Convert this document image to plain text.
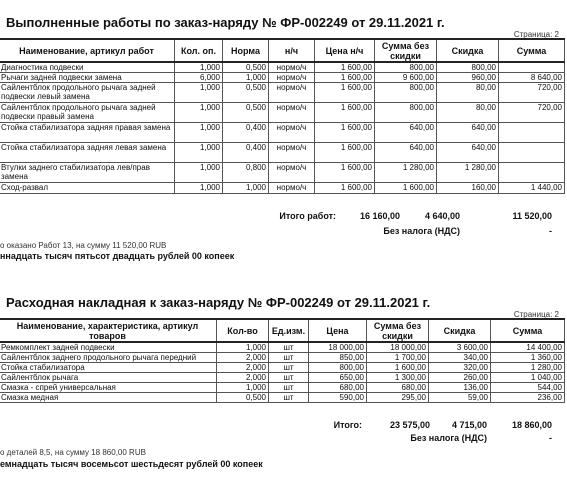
Выполненные работы по заказ-наряду № ФР-002249 от 29.11.2021 г.
Страница: 2
Наименование, артикул работ	Кол. оп.	Норма	н/ч	Цена н/ч	Сумма без скидки	Скидка	Сумма
Диагностика подвески	1,000	0,500	нормо/ч	1 600,00	800,00	800,00	
Рычаги задней подвески замена	6,000	1,000	нормо/ч	1 600,00	9 600,00	960,00	8 640,00
Сайлентблок продольного рычага задней подвески левый замена	1,000	0,500	нормо/ч	1 600,00	800,00	80,00	720,00
Сайлентблок продольного рычага задней подвески правый замена	1,000	0,500	нормо/ч	1 600,00	800,00	80,00	720,00
Стойка стабилизатора задняя правая замена	1,000	0,400	нормо/ч	1 600,00	640,00	640,00	
Стойка стабилизатора задняя левая замена	1,000	0,400	нормо/ч	1 600,00	640,00	640,00	
Втулки заднего стабилизатора лев/прав замена	1,000	0,800	нормо/ч	1 600,00	1 280,00	1 280,00	
Сход-развал	1,000	1,000	нормо/ч	1 600,00	1 600,00	160,00	1 440,00
Итого работ:	16 160,00	4 640,00	11 520,00
Без налога (НДС)	-
о оказано Работ 13, на сумму 11 520,00 RUB
ннадцать тысяч пятьсот двадцать рублей 00 копеек
Расходная накладная к заказ-наряду № ФР-002249 от 29.11.2021 г.
Страница: 2
Наименование, характеристика, артикул товаров	Кол-во	Ед.изм.	Цена	Сумма без скидки	Скидка	Сумма
Ремкомплект задней подвески	1,000	шт	18 000,00	18 000,00	3 600,00	14 400,00
Сайлентблок заднего продольного рычага передний	2,000	шт	850,00	1 700,00	340,00	1 360,00
Стойка стабилизатора	2,000	шт	800,00	1 600,00	320,00	1 280,00
Сайлентблок рычага	2,000	шт	650,00	1 300,00	260,00	1 040,00
Смазка - спрей универсальная	1,000	шт	680,00	680,00	136,00	544,00
Смазка медная	0,500	шт	590,00	295,00	59,00	236,00
Итого:	23 575,00	4 715,00	18 860,00
Без налога (НДС)	-
о деталей 8,5, на сумму 18 860,00 RUB
емнадцать тысяч восемьсот шестьдесят рублей 00 копеек
